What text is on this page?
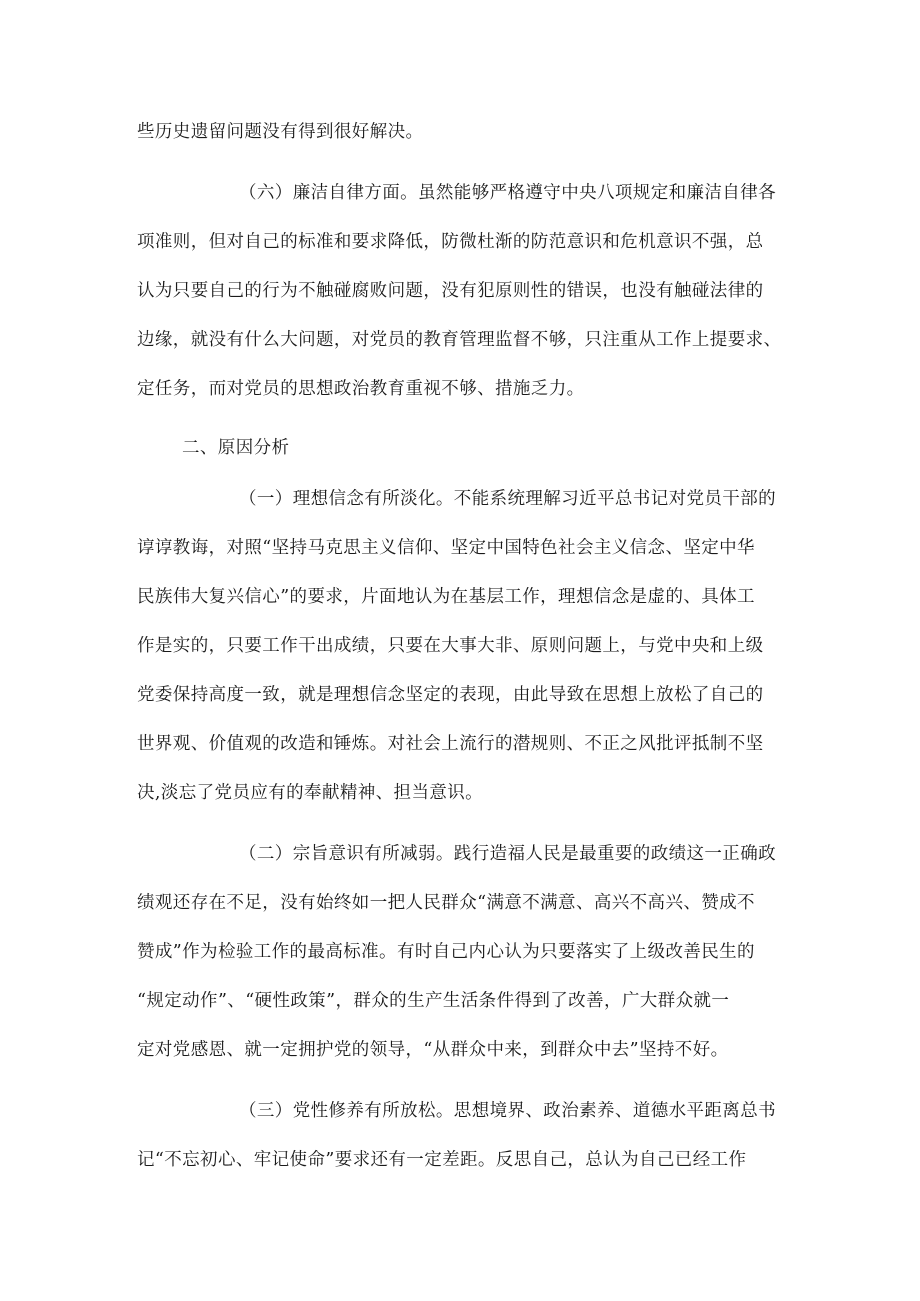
些历史遗留问题没有得到很好解决。
（六）廉洁自律方面。虽然能够严格遵守中央八项规定和廉洁自律各
项准则，但对自己的标准和要求降低，防微杜渐的防范意识和危机意识不强，总
认为只要自己的行为不触碰腐败问题，没有犯原则性的错误，也没有触碰法律的
边缘，就没有什么大问题，对党员的教育管理监督不够，只注重从工作上提要求、
定任务，而对党员的思想政治教育重视不够、措施乏力。
二、原因分析
（一）理想信念有所淡化。不能系统理解习近平总书记对党员干部的
谆谆教诲，对照“坚持马克思主义信仰、坚定中国特色社会主义信念、坚定中华
民族伟大复兴信心”的要求，片面地认为在基层工作，理想信念是虚的、具体工
作是实的，只要工作干出成绩，只要在大事大非、原则问题上，与党中央和上级
党委保持高度一致，就是理想信念坚定的表现，由此导致在思想上放松了自己的
世界观、价值观的改造和锤炼。对社会上流行的潜规则、不正之风批评抵制不坚
决,淡忘了党员应有的奉献精神、担当意识。
（二）宗旨意识有所减弱。践行造福人民是最重要的政绩这一正确政
绩观还存在不足，没有始终如一把人民群众“满意不满意、高兴不高兴、赞成不
赞成”作为检验工作的最高标准。有时自己内心认为只要落实了上级改善民生的
“规定动作”、“硬性政策”，群众的生产生活条件得到了改善，广大群众就一
定对党感恩、就一定拥护党的领导，“从群众中来，到群众中去”坚持不好。
（三）党性修养有所放松。思想境界、政治素养、道德水平距离总书
记“不忘初心、牢记使命”要求还有一定差距。反思自己，总认为自己已经工作
